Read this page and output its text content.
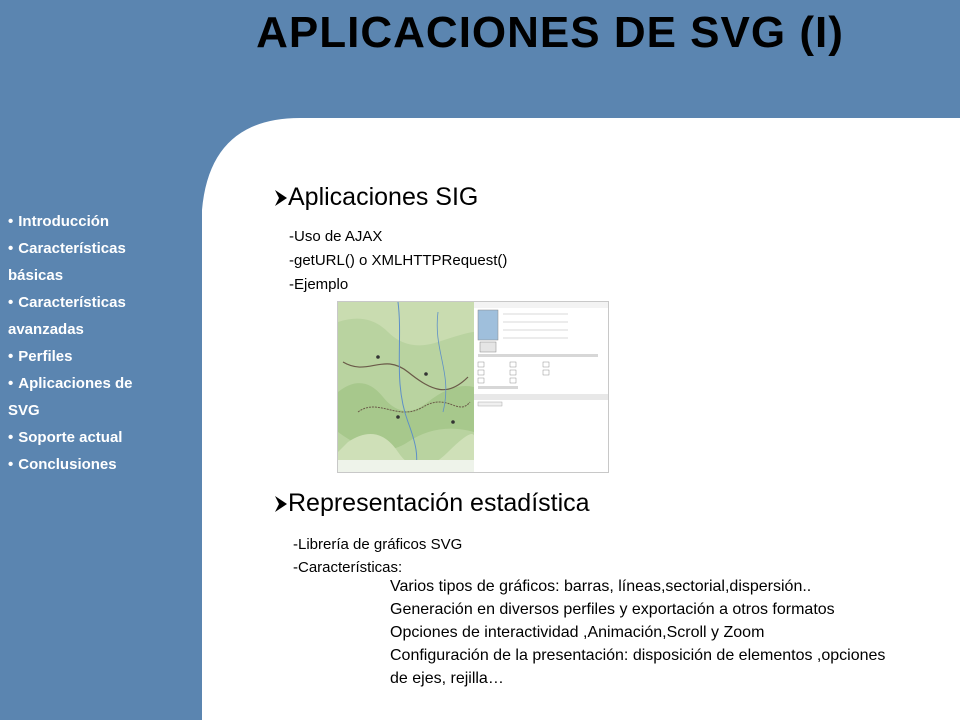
APLICACIONES DE SVG (I)
• Introducción
• Características
básicas
• Características
avanzadas
• Perfiles
• Aplicaciones de
SVG
• Soporte actual
• Conclusiones
Aplicaciones SIG
-Uso de AJAX
-getURL() o XMLHTTPRequest()
-Ejemplo
Representación estadística
-Librería de gráficos SVG
-Características:
Varios tipos de gráficos: barras, líneas,sectorial,dispersión..
Generación en diversos perfiles y exportación a otros formatos
Opciones de interactividad ,Animación,Scroll y Zoom
Configuración de la presentación: disposición de elementos ,opciones
de ejes, rejilla…
